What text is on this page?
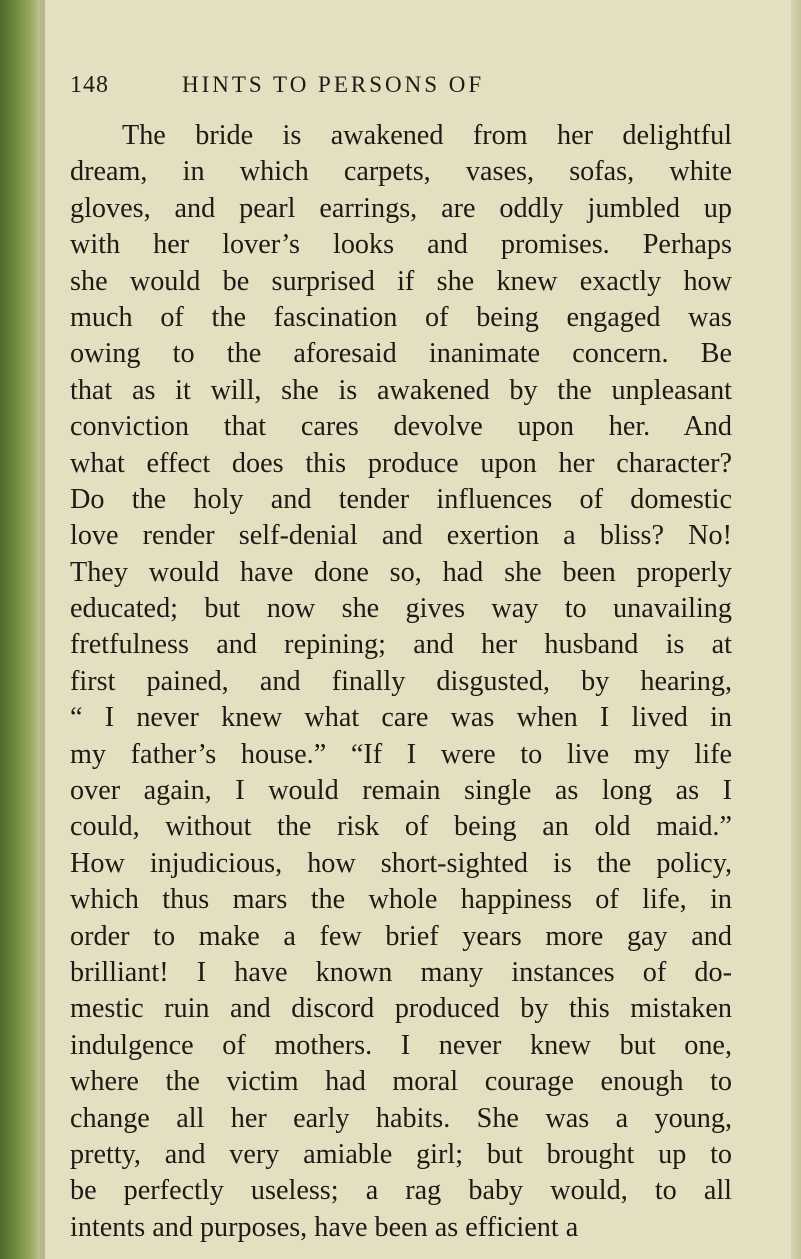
148	HINTS TO PERSONS OF
The bride is awakened from her delightful
dream, in which carpets, vases, sofas, white
gloves, and pearl earrings, are oddly jumbled up
with her lover’s looks and promises. Perhaps
she would be surprised if she knew exactly how
much of the fascination of being engaged was
owing to the aforesaid inanimate concern. Be
that as it will, she is awakened by the unpleasant
conviction that cares devolve upon her. And
what effect does this produce upon her character?
Do the holy and tender influences of domestic
love render self-denial and exertion a bliss? No!
They would have done so, had she been properly
educated; but now she gives way to unavailing
fretfulness and repining; and her husband is at
first pained, and finally disgusted, by hearing,
“ I never knew what care was when I lived in
my father’s house.” “If I were to live my life
over again, I would remain single as long as I
could, without the risk of being an old maid.”
How injudicious, how short-sighted is the policy,
which thus mars the whole happiness of life, in
order to make a few brief years more gay and
brilliant! I have known many instances of do-
mestic ruin and discord produced by this mistaken
indulgence of mothers. I never knew but one,
where the victim had moral courage enough to
change all her early habits. She was a young,
pretty, and very amiable girl; but brought up to
be perfectly useless; a rag baby would, to all
intents and purposes, have been as efficient a
